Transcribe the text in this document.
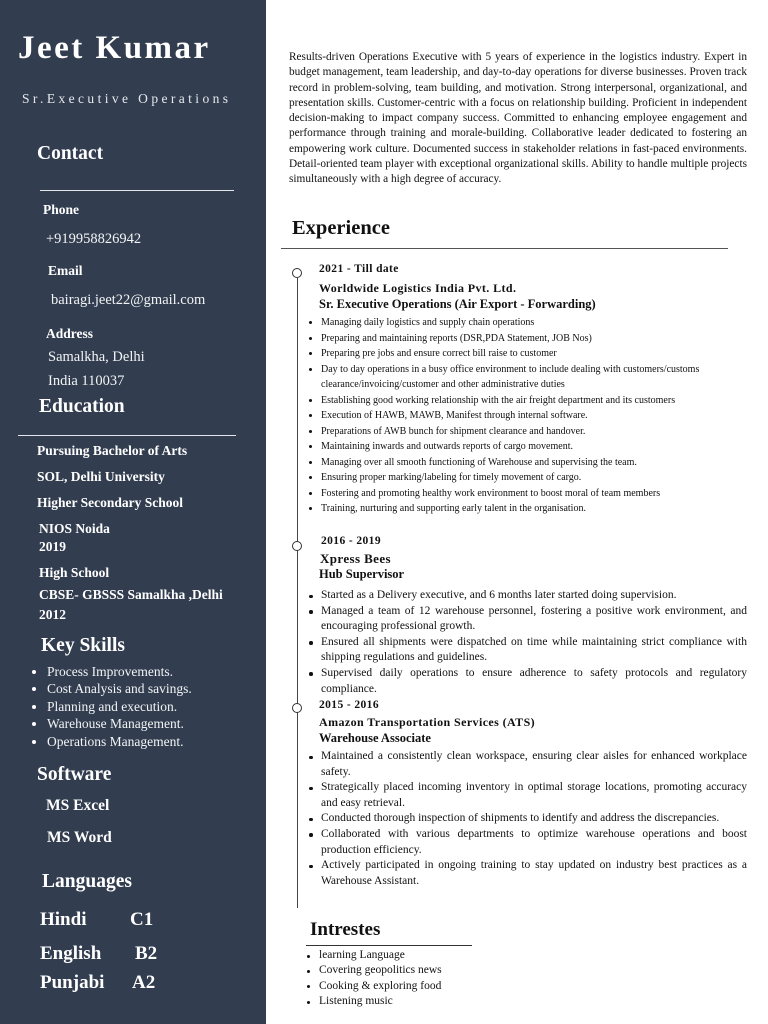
Jeet Kumar
Sr.Executive Operations
Contact
Phone
+919958826942
Email
bairagi.jeet22@gmail.com
Address
Samalkha, Delhi
India 110037
Education
Pursuing Bachelor of Arts
SOL, Delhi University
Higher Secondary School
NIOS Noida
2019
High School
CBSE- GBSSS Samalkha ,Delhi
2012
Key Skills
Process Improvements.
Cost Analysis and savings.
Planning and execution.
Warehouse Management.
Operations Management.
Software
MS Excel
MS Word
Languages
Hindi C1
English B2
Punjabi A2

Results-driven Operations Executive with 5 years of experience in the logistics industry. Expert in budget management, team leadership, and day-to-day operations for diverse businesses. Proven track record in problem-solving, team building, and motivation. Strong interpersonal, organizational, and presentation skills. Customer-centric with a focus on relationship building. Proficient in independent decision-making to impact company success. Committed to enhancing employee engagement and performance through training and morale-building. Collaborative leader dedicated to fostering an empowering work culture. Documented success in stakeholder relations in fast-paced environments. Detail-oriented team player with exceptional organizational skills. Ability to handle multiple projects simultaneously with a high degree of accuracy.

Experience
2021 - Till date
Worldwide Logistics India Pvt. Ltd.
Sr. Executive Operations (Air Export - Forwarding)
Managing daily logistics and supply chain operations
Preparing and maintaining reports (DSR,PDA Statement, JOB Nos)
Preparing pre jobs and ensure correct bill raise to customer
Day to day operations in a busy office environment to include dealing with customers/customs clearance/invoicing/customer and other administrative duties
Establishing good working relationship with the air freight department and its customers
Execution of HAWB, MAWB, Manifest through internal software.
Preparations of AWB bunch for shipment clearance and handover.
Maintaining inwards and outwards reports of cargo movement.
Managing over all smooth functioning of Warehouse and supervising the team.
Ensuring proper marking/labeling for timely movement of cargo.
Fostering and promoting healthy work environment to boost moral of team members
Training, nurturing and supporting early talent in the organisation.
2016 - 2019
Xpress Bees
Hub Supervisor
Started as a Delivery executive, and 6 months later started doing supervision.
Managed a team of 12 warehouse personnel, fostering a positive work environment, and encouraging professional growth.
Ensured all shipments were dispatched on time while maintaining strict compliance with shipping regulations and guidelines.
Supervised daily operations to ensure adherence to safety protocols and regulatory compliance.
2015 - 2016
Amazon Transportation Services (ATS)
Warehouse Associate
Maintained a consistently clean workspace, ensuring clear aisles for enhanced workplace safety.
Strategically placed incoming inventory in optimal storage locations, promoting accuracy and easy retrieval.
Conducted thorough inspection of shipments to identify and address the discrepancies.
Collaborated with various departments to optimize warehouse operations and boost production efficiency.
Actively participated in ongoing training to stay updated on industry best practices as a Warehouse Assistant.
Intrestes
learning Language
Covering geopolitics news
Cooking & exploring food
Listening music
